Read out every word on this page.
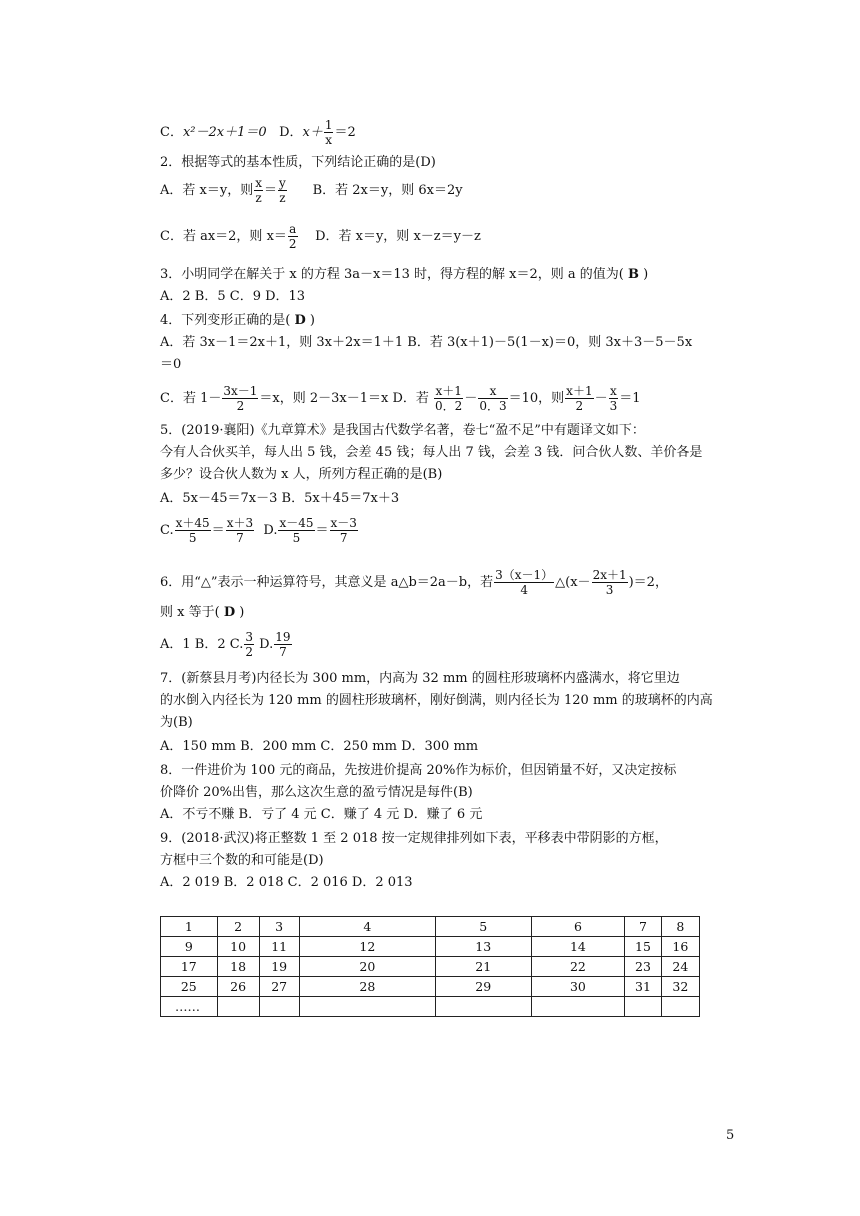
C．x²－2x＋1＝0 D．$x+ \frac{1}{x} =2$
2．根据等式的基本性质，下列结论正确的是(D)
A．若 x＝y，则 $\frac{x}{z} = \frac{y}{z}$ B．若 2x＝y，则 6x＝2y
C．若 ax＝2，则 $x= \frac{a}{2}$ D．若 x＝y，则 x－z＝y－z
3．小明同学在解关于 x 的方程 3a－x＝13 时，得方程的解 x＝2，则 a 的值为( B )
A．2 B．5 C．9 D．13
4．下列变形正确的是( D )
A．若 3x－1＝2x＋1，则 3x＋2x＝1＋1 B．若 3(x＋1)－5(1－x)＝0，则 3x＋3－5－5x
＝0
C．若 $1- \frac{3x-1}{2} =x$，则 2－3x－1＝x D．若 $\frac{x+1}{0.2} - \frac{x}{0.3} =10$，则 $\frac{x+1}{2} - \frac{x}{3} =1$
5．(2019·襄阳)《九章算术》是我国古代数学名著，卷七“盈不足”中有题译文如下：
今有人合伙买羊，每人出 5 钱，会差 45 钱；每人出 7 钱，会差 3 钱．问合伙人数、羊价各是
多少？设合伙人数为 x 人，所列方程正确的是(B)
A．5x－45＝7x－3 B．5x＋45＝7x＋3
C. $\frac{x+45}{5} = \frac{x+3}{7} D$. $\frac{x-45}{5} = \frac{x-3}{7}$
6．用“△”表示一种运算符号，其意义是 a△b＝2a－b，若 $\frac{3(x-1)}{4}$ △(x－ $\frac{2x+1}{3} )=2$，
则 x 等于( D )
A．1 B．2 C. $\frac{3}{2} D$. $\frac{19}{7}$
7．(新蔡县月考)内径长为 300 mm，内高为 32 mm 的圆柱形玻璃杯内盛满水，将它里边
的水倒入内径长为 120 mm 的圆柱形玻璃杯，刚好倒满，则内径长为 120 mm 的玻璃杯的内高
为(B)
A．150 mm B．200 mm C．250 mm D．300 mm
8．一件进价为 100 元的商品，先按进价提高 20%作为标价，但因销量不好，又决定按标
价降价 20%出售，那么这次生意的盈亏情况是每件(B)
A．不亏不赚 B．亏了 4 元 C．赚了 4 元 D．赚了 6 元
9．(2018·武汉)将正整数 1 至 2 018 按一定规律排列如下表，平移表中带阴影的方框，
方框中三个数的和可能是(D)
A．2 019 B．2 018 C．2 016 D．2 013
1	2	3	4	5	6	7	8
9	10	11	12	13	14	15	16
17	18	19	20	21	22	23	24
25	26	27	28	29	30	31	32
……							
5
